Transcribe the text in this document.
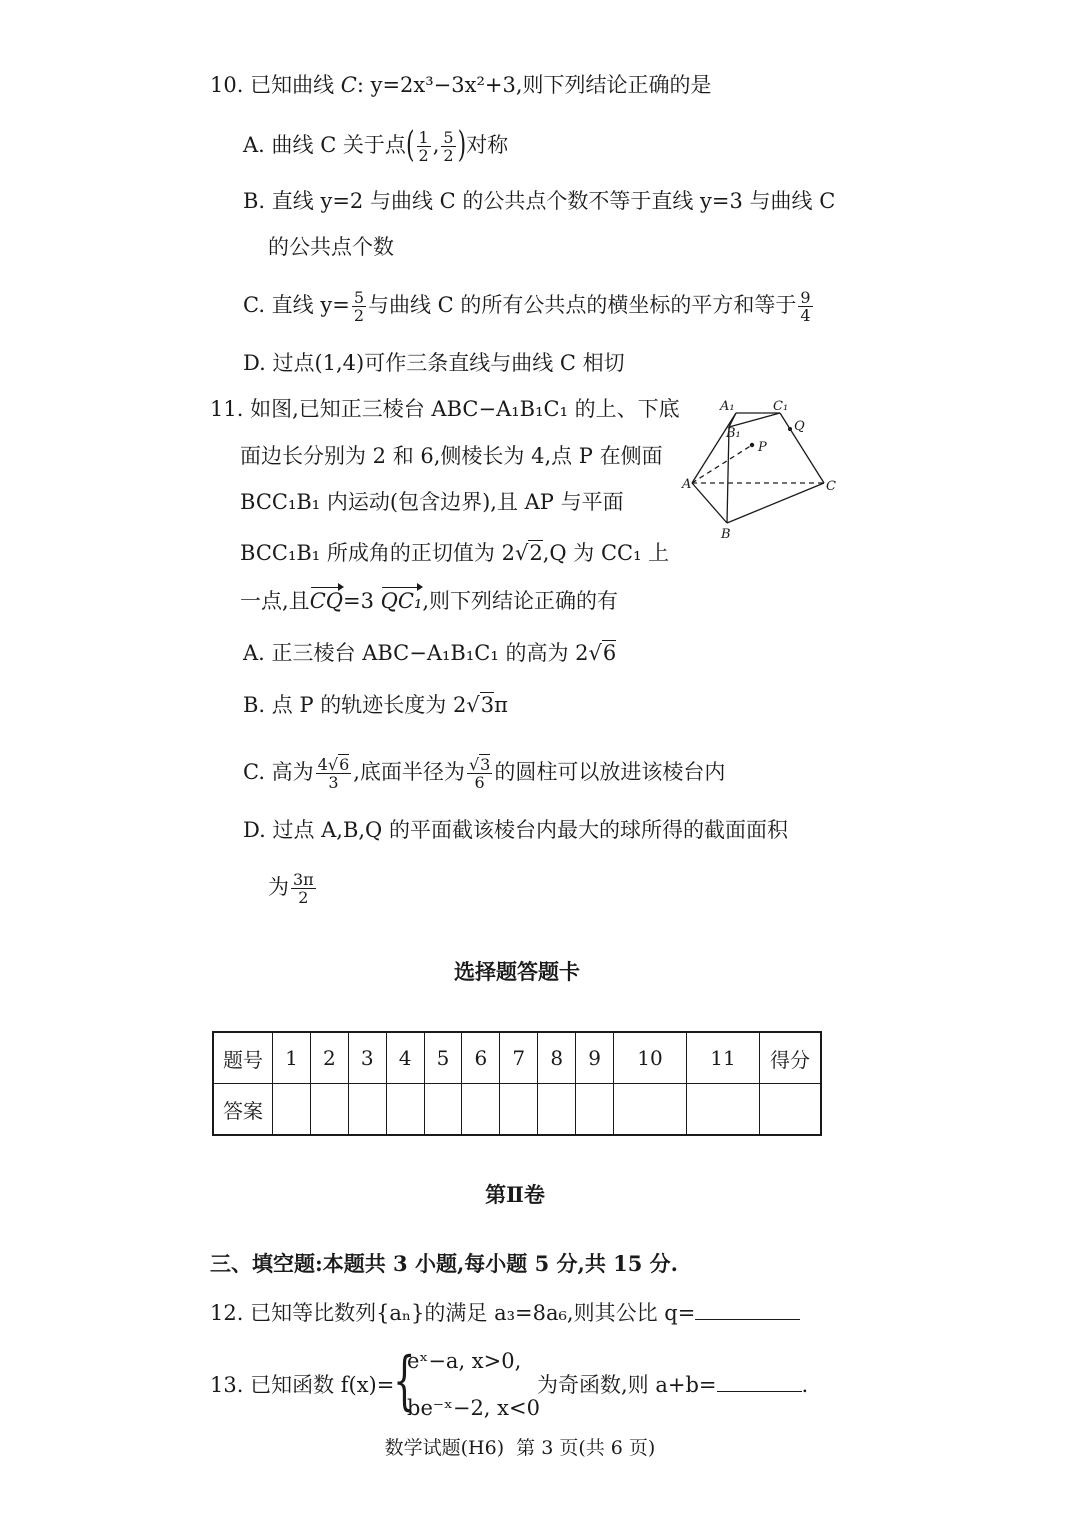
10. 已知曲线 C: y=2x³−3x²+3,则下列结论正确的是
A. 曲线 C 关于点( $\frac{1}{2}$ , $\frac{5}{2}$ )对称
B. 直线 y=2 与曲线 C 的公共点个数不等于直线 y=3 与曲线 C
的公共点个数
C. 直线 $y= \frac{5}{2}$ 与曲线 C 的所有公共点的横坐标的平方和等于 $\frac{9}{4}$
D. 过点(1,4)可作三条直线与曲线 C 相切
11. 如图,已知正三棱台 ABC−A₁B₁C₁ 的上、下底
面边长分别为 2 和 6,侧棱长为 4,点 P 在侧面
BCC₁B₁ 内运动(包含边界),且 AP 与平面
BCC₁B₁ 所成角的正切值为 2√2,Q 为 CC₁ 上
一点,且CQ=3 QC₁,则下列结论正确的有
A₁	C₁
B₁
P
Q
A	C
B
A. 正三棱台 ABC−A₁B₁C₁ 的高为 2√6
B. 点 P 的轨迹长度为 2√3π
C. 高为 $\frac{4√6}{3}$ ,底面半径为 $\frac{√3}{6}$ 的圆柱可以放进该棱台内
D. 过点 A,B,Q 的平面截该棱台内最大的球所得的截面面积
为 $\frac{3\pi}{2}$
选择题答题卡
题号	1	2	3	4	5	6	7	8	9	10	11	得分
答案												
第Ⅱ卷
三、填空题:本题共 3 小题,每小题 5 分,共 15 分.
12. 已知等比数列{aₙ}的满足 a₃=8a₆,则其公比 q=
13. 已知函数 f(x)=
{
eˣ−a, x>0,
be⁻ˣ−2, x<0
为奇函数,则 a+b=	.
数学试题(H6)  第 3 页(共 6 页)
